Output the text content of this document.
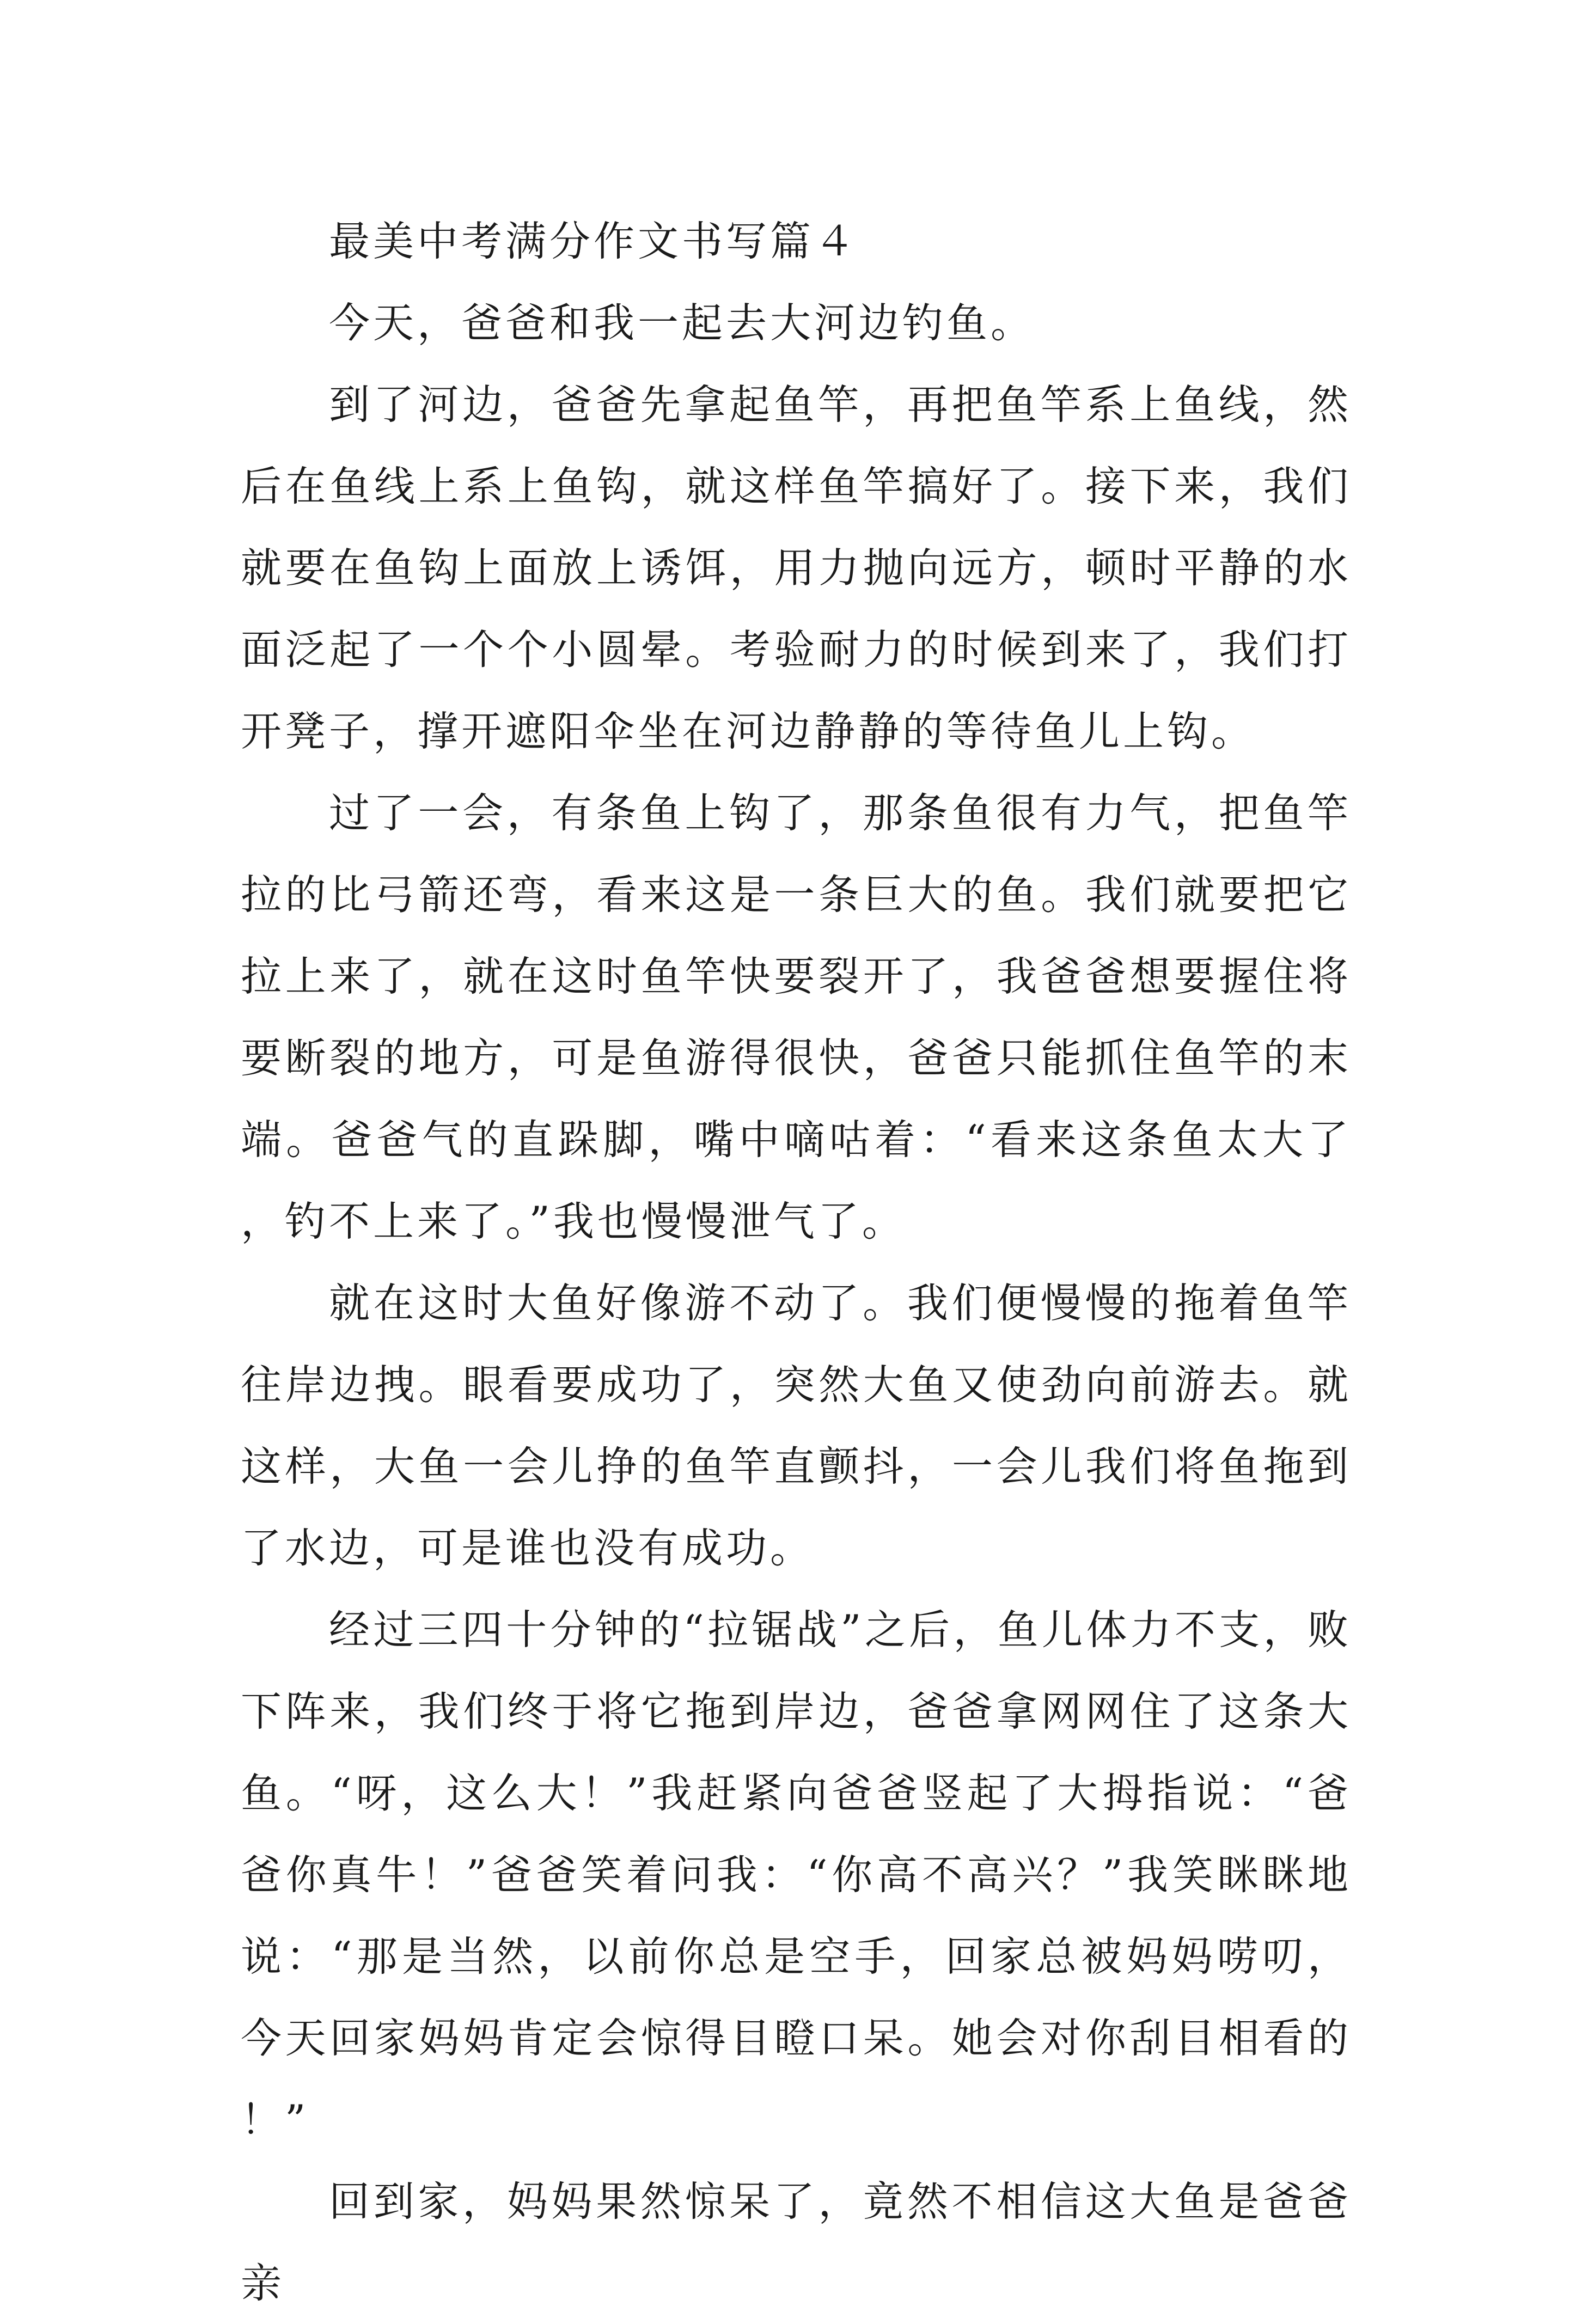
最美中考满分作文书写篇４

今天，爸爸和我一起去大河边钓鱼。

到了河边，爸爸先拿起鱼竿，再把鱼竿系上鱼线，然后在鱼线上系上鱼钩，就这样鱼竿搞好了。接下来，我们就要在鱼钩上面放上诱饵，用力抛向远方，顿时平静的水面泛起了一个个小圆晕。考验耐力的时候到来了，我们打开凳子，撑开遮阳伞坐在河边静静的等待鱼儿上钩。

过了一会，有条鱼上钩了，那条鱼很有力气，把鱼竿拉的比弓箭还弯，看来这是一条巨大的鱼。我们就要把它拉上来了，就在这时鱼竿快要裂开了，我爸爸想要握住将要断裂的地方，可是鱼游得很快，爸爸只能抓住鱼竿的末端。爸爸气的直跺脚，嘴中嘀咕着：“看来这条鱼太大了，钓不上来了。”我也慢慢泄气了。

就在这时大鱼好像游不动了。我们便慢慢的拖着鱼竿往岸边拽。眼看要成功了，突然大鱼又使劲向前游去。就这样，大鱼一会儿挣的鱼竿直颤抖，一会儿我们将鱼拖到了水边，可是谁也没有成功。

经过三四十分钟的“拉锯战”之后，鱼儿体力不支，败下阵来，我们终于将它拖到岸边，爸爸拿网网住了这条大鱼。“呀，这么大！”我赶紧向爸爸竖起了大拇指说：“爸爸你真牛！”爸爸笑着问我：“你高不高兴？”我笑眯眯地说：“那是当然，以前你总是空手，回家总被妈妈唠叨，今天回家妈妈肯定会惊得目瞪口呆。她会对你刮目相看的！”

回到家，妈妈果然惊呆了，竟然不相信这大鱼是爸爸亲
